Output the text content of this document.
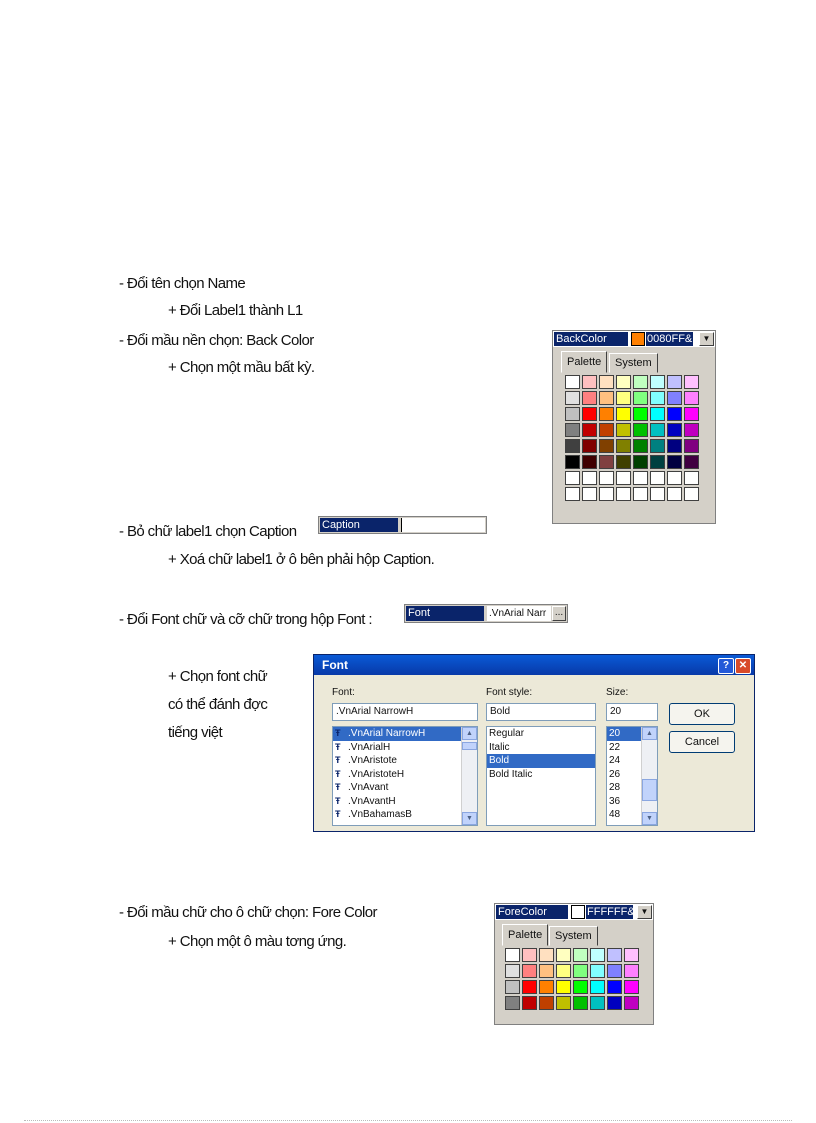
- Đổi tên chọn Name
+ Đổi Label1 thành L1
- Đổi mầu nền chọn: Back Color
+ Chọn một mầu bất kỳ.
- Bỏ chữ label1 chọn Caption
+ Xoá chữ label1 ở ô bên phải hộp Caption.
- Đổi Font chữ và cỡ chữ trong hộp Font :
+ Chọn font chữ
có thể đánh đợc
tiếng việt
- Đổi mầu chữ cho ô chữ chọn: Fore Color
+ Chọn một ô màu tơng ứng.
BackColor	0080FF&	▼
Palette	System
Caption
Font	.VnArial Narr ...
Font	? ✕
Font:	Font style:	Size:
.VnArial NarrowH	Bold	20
Ŧ .VnArial NarrowH
Ŧ .VnArialH
Ŧ .VnAristote
Ŧ .VnAristoteH
Ŧ .VnAvant
Ŧ .VnAvantH
Ŧ .VnBahamasB
▲
▼
Regular
Italic
Bold
Bold Italic
20
22
24
26
28
36
48
▲
▼
OK
Cancel
ForeColor	FFFFFF& ▼
Palette	System
